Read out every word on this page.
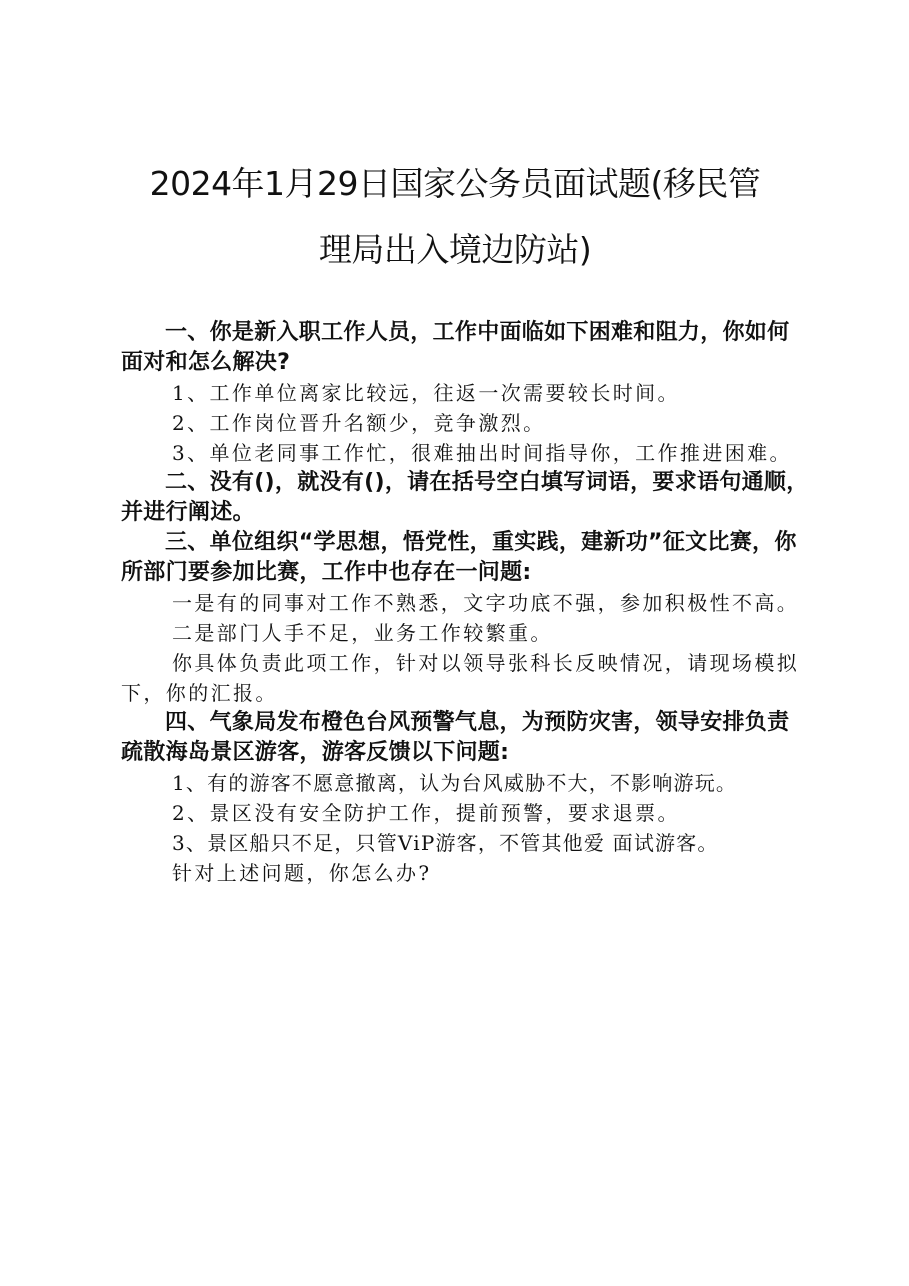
2024年1月29日国家公务员面试题(移民管
理局出入境边防站)

一、你是新入职工作人员，工作中面临如下困难和阻力，你如何面对和怎么解决?

1、工作单位离家比较远，往返一次需要较长时间。

2、工作岗位晋升名额少，竞争激烈。

3、单位老同事工作忙，很难抽出时间指导你，工作推进困难。

二、没有()，就没有()，请在括号空白填写词语，要求语句通顺，并进行阐述。

三、单位组织“学思想，悟党性，重实践，建新功”征文比赛，你所部门要参加比赛，工作中也存在一问题:

一是有的同事对工作不熟悉，文字功底不强，参加积极性不高。

二是部门人手不足，业务工作较繁重。

你具体负责此项工作，针对以领导张科长反映情况，请现场模拟下，你的汇报。

四、气象局发布橙色台风预警气息，为预防灾害，领导安排负责疏散海岛景区游客，游客反馈以下问题:

1、有的游客不愿意撤离，认为台风威胁不大，不影响游玩。

2、景区没有安全防护工作，提前预警，要求退票。

3、景区船只不足，只管ViP游客，不管其他爱 面试游客。

针对上述问题，你怎么办?
